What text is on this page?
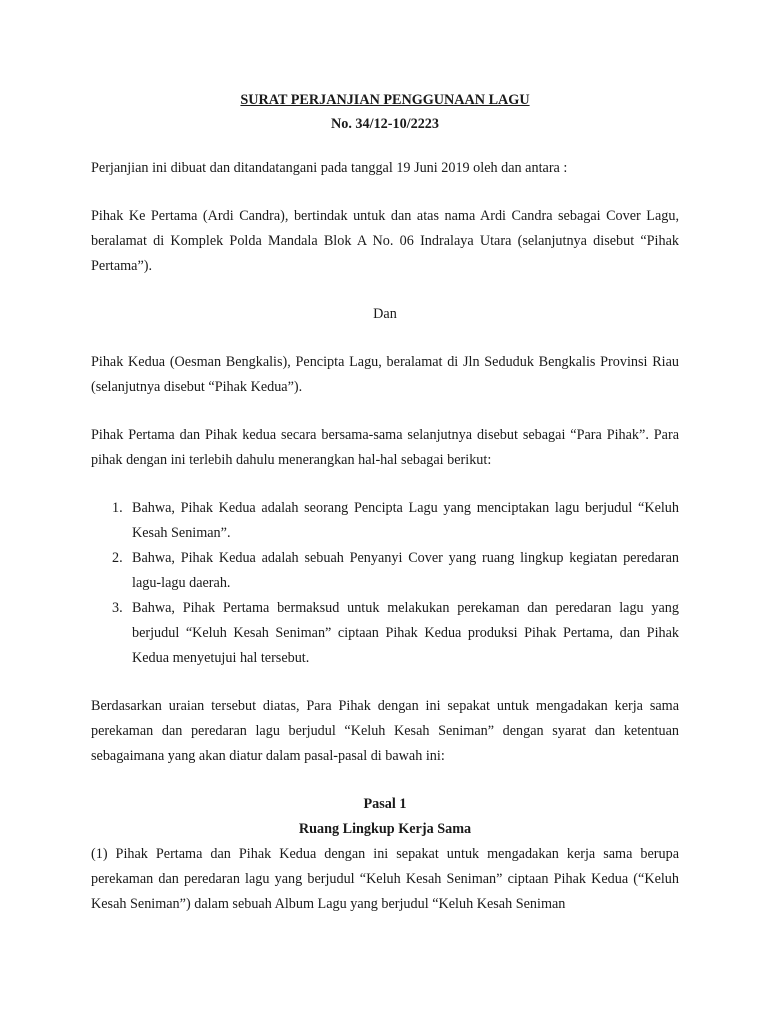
SURAT PERJANJIAN PENGGUNAAN LAGU

No. 34/12-10/2223

Perjanjian ini dibuat dan ditandatangani pada tanggal 19 Juni 2019 oleh dan antara :

Pihak Ke Pertama (Ardi Candra), bertindak untuk dan atas nama Ardi Candra sebagai Cover Lagu, beralamat di Komplek Polda Mandala Blok A No. 06 Indralaya Utara (selanjutnya disebut “Pihak Pertama”).

Dan

Pihak Kedua (Oesman Bengkalis), Pencipta Lagu, beralamat di Jln Seduduk Bengkalis Provinsi Riau (selanjutnya disebut “Pihak Kedua”).

Pihak Pertama dan Pihak kedua secara bersama-sama selanjutnya disebut sebagai “Para Pihak”. Para pihak dengan ini terlebih dahulu menerangkan hal-hal sebagai berikut:

1. Bahwa, Pihak Kedua adalah seorang Pencipta Lagu yang menciptakan lagu berjudul “Keluh Kesah Seniman”.
2. Bahwa, Pihak Kedua adalah sebuah Penyanyi Cover yang ruang lingkup kegiatan peredaran lagu-lagu daerah.
3. Bahwa, Pihak Pertama bermaksud untuk melakukan perekaman dan peredaran lagu yang berjudul “Keluh Kesah Seniman” ciptaan Pihak Kedua produksi Pihak Pertama, dan Pihak Kedua menyetujui hal tersebut.

Berdasarkan uraian tersebut diatas, Para Pihak dengan ini sepakat untuk mengadakan kerja sama perekaman dan peredaran lagu berjudul “Keluh Kesah Seniman” dengan syarat dan ketentuan sebagaimana yang akan diatur dalam pasal-pasal di bawah ini:

Pasal 1

Ruang Lingkup Kerja Sama

(1) Pihak Pertama dan Pihak Kedua dengan ini sepakat untuk mengadakan kerja sama berupa perekaman dan peredaran lagu yang berjudul “Keluh Kesah Seniman” ciptaan Pihak Kedua (“Keluh Kesah Seniman”) dalam sebuah Album Lagu yang berjudul “Keluh Kesah Seniman
